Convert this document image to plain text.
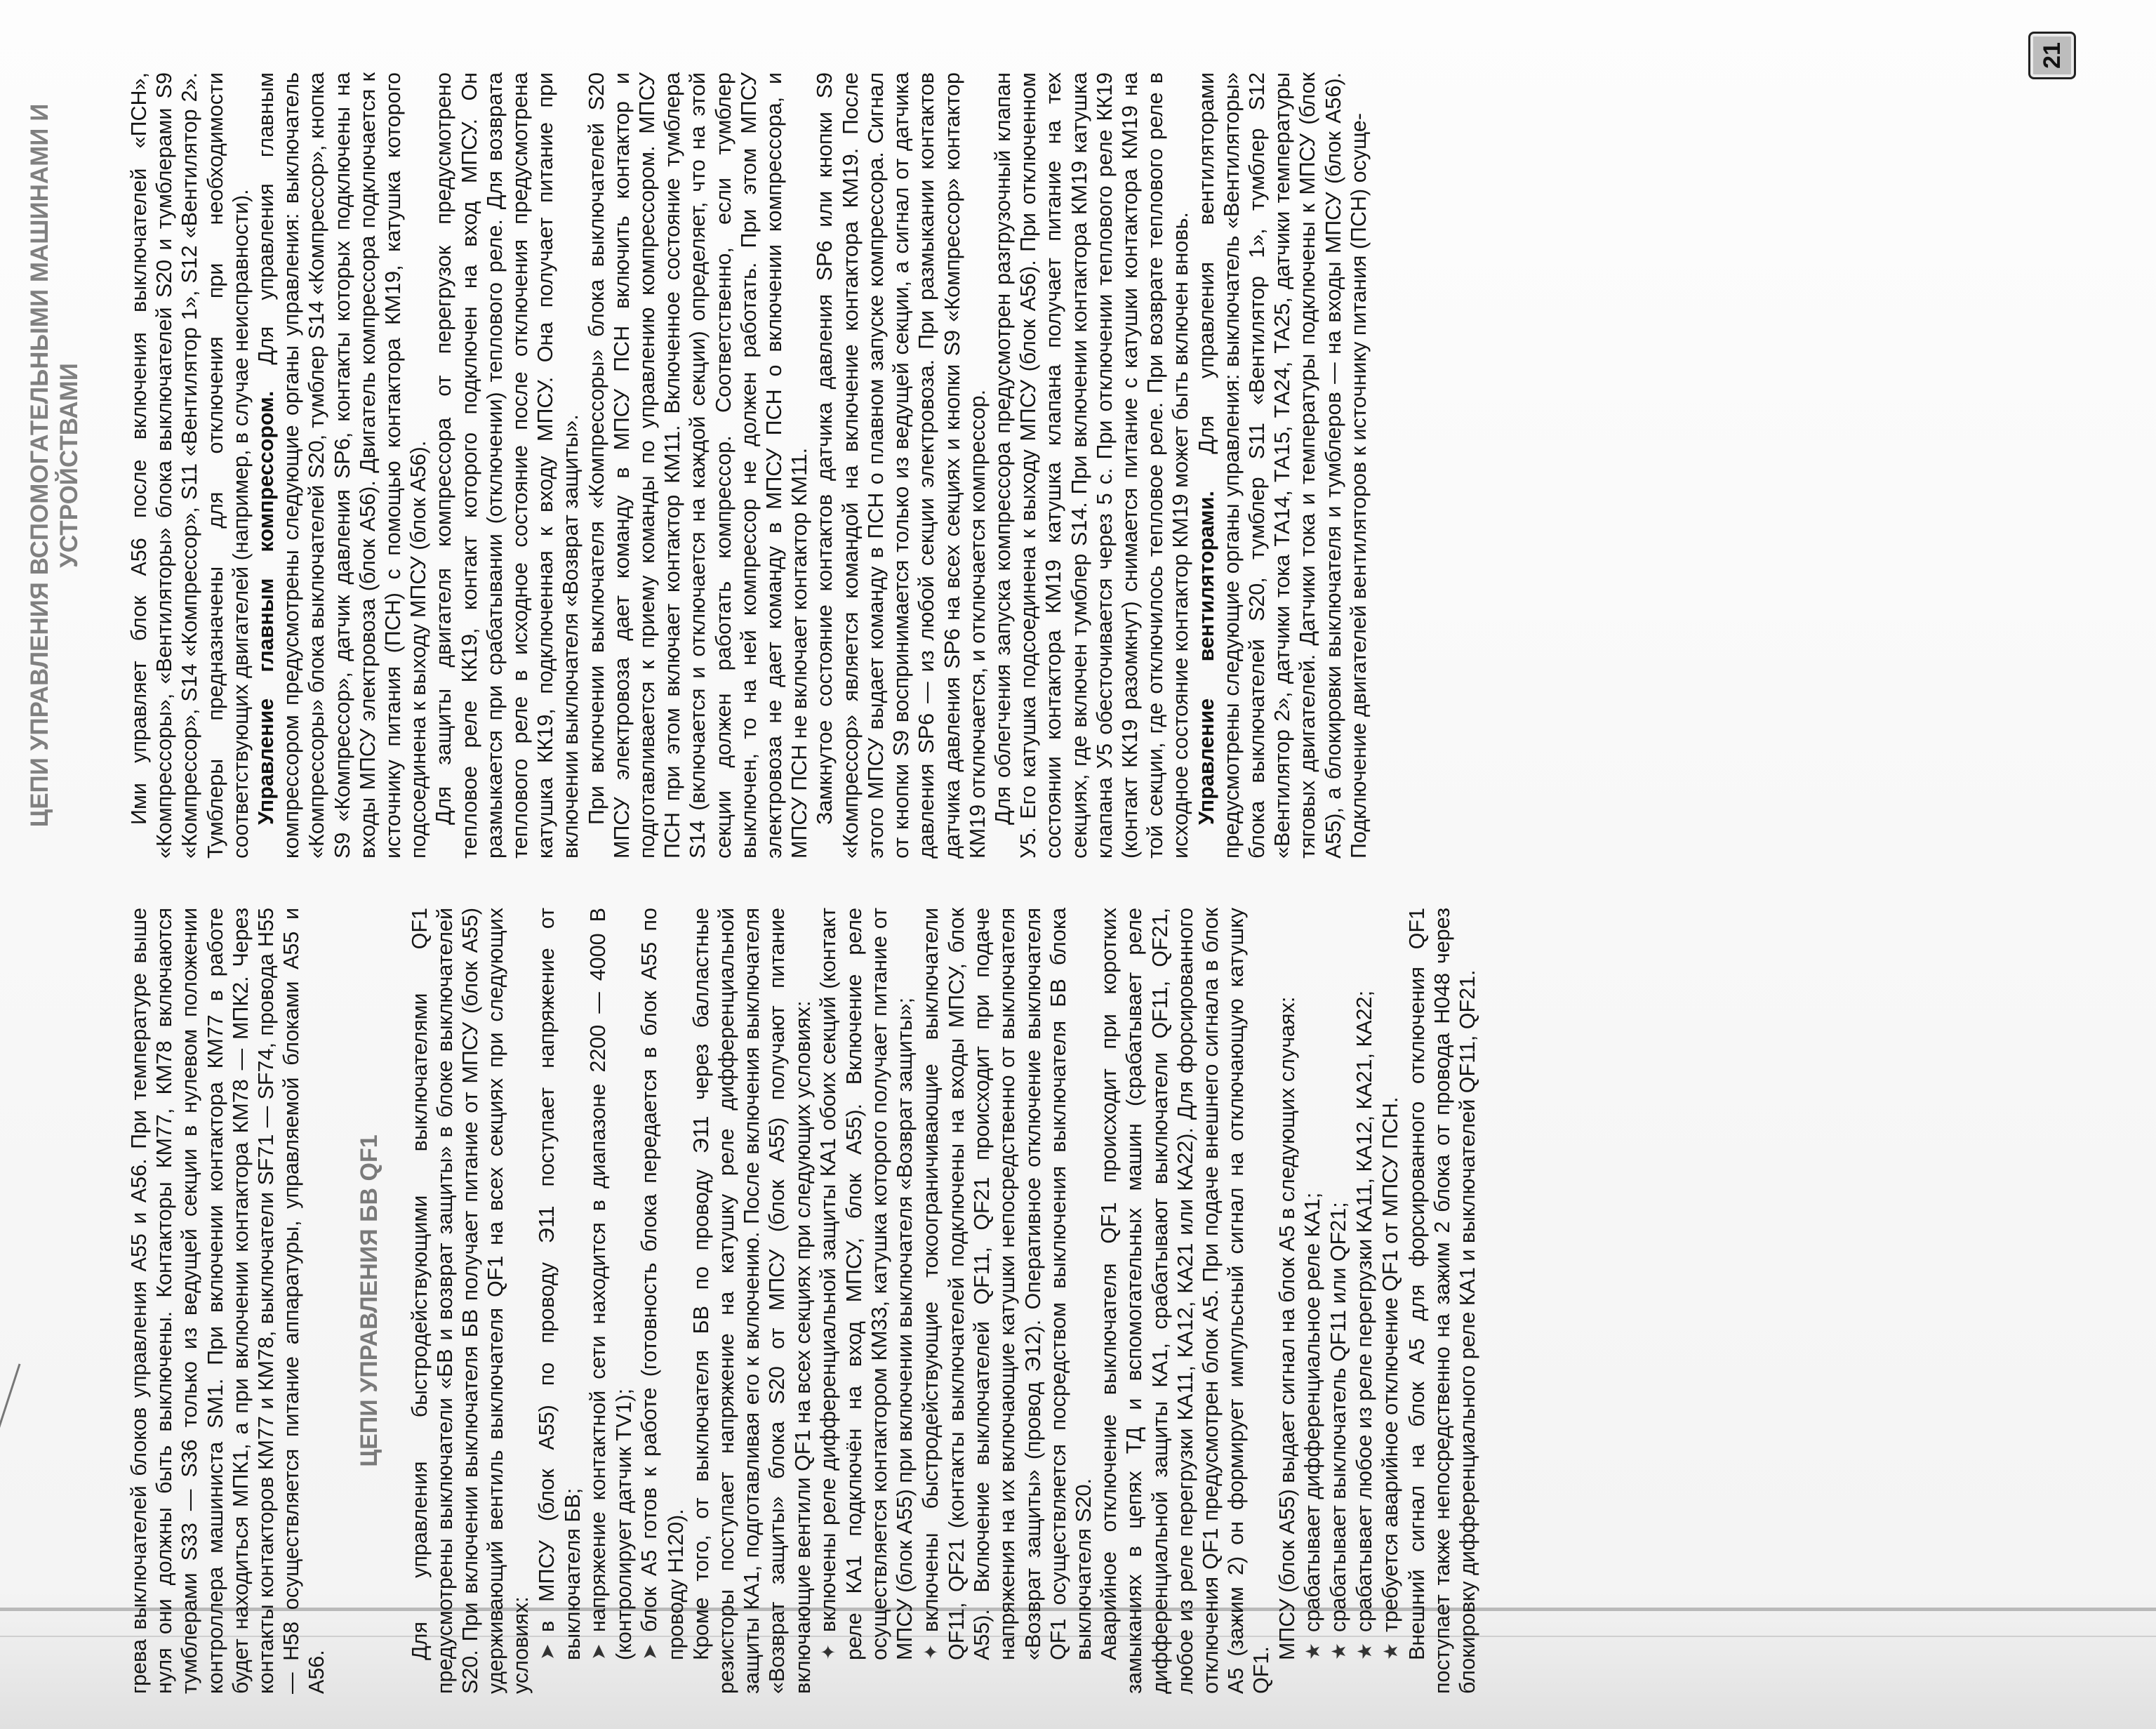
ЦЕПИ УПРАВЛЕНИЯ ВСПОМОГАТЕЛЬНЫМИ МАШИНАМИ И УСТРОЙСТВАМИ

грева выключателей блоков управления А55 и А56. При температуре выше нуля они должны быть выключены. Контакторы КМ77, КМ78 включаются тумблерами S33 — S36 только из ведущей секции в нулевом положении контроллера машиниста SM1. При включении контактора КМ77 в работе будет находиться МПК1, а при включении контактора КМ78 — МПК2. Через контакты контакторов КМ77 и КМ78, выключатели SF71 — SF74, провода Н55 — Н58 осуществляется питание аппаратуры, управляемой блоками А55 и А56.

ЦЕПИ УПРАВЛЕНИЯ БВ QF1 Для управления быстродействующими выключателями QF1 предусмотрены выключатели «БВ и возврат защиты» в блоке выключателей S20. При включении выключателя БВ получает питание от МПСУ (блок А55) удерживающий вентиль выключателя QF1 на всех секциях при следующих условиях: ➤в МПСУ (блок А55) по проводу Э11 поступает напряжение от выключателя БВ; ➤напряжение контактной сети находится в диапазоне 2200 — 4000 В (контролирует датчик TV1); ➤блок А5 готов к работе (готовность блока передается в блок А55 по проводу Н120). Кроме того, от выключателя БВ по проводу Э11 через балластные резисторы поступает напряжение на катушку реле дифференциальной защиты КА1, подготавливая его к включению. После включения выключателя «Возврат защиты» блока S20 от МПСУ (блок А55) получают питание включающие вентили QF1 на всех секциях при следующих условиях: ✦включены реле дифференциальной защиты КА1 обоих секций (контакт реле КА1 подключён на вход МПСУ, блок А55). Включение реле осуществляется контактором КМ33, катушка которого получает питание от МПСУ (блок А55) при включении выключателя «Возврат защиты»; ✦включены быстродействующие токоограничивающие выключатели QF11, QF21 (контакты выключателей подключены на входы МПСУ, блок А55). Включение выключателей QF11, QF21 происходит при подаче напряжения на их включающие катушки непосредственно от выключателя «Возврат защиты» (провод Э12). Оперативное отключение выключателя QF1 осуществляется посредством выключения выключателя БВ блока выключателя S20. Аварийное отключение выключателя QF1 происходит при коротких замыканиях в цепях ТД и вспомогательных машин (срабатывает реле дифференциальной защиты КА1, срабатывают выключатели QF11, QF21, любое из реле перегрузки КА11, КА12, КА21 или КА22). Для форсированного отключения QF1 предусмотрен блок А5. При подаче внешнего сигнала в блок А5 (зажим 2) он формирует импульсный сигнал на отключающую катушку QF1.

МПСУ (блок А55) выдает сигнал на блок А5 в следующих случаях: ★срабатывает дифференциальное реле КА1;

★срабатывает выключатель QF11 или QF21;

★срабатывает любое из реле перегрузки КА11, КА12, КА21, КА22;

★требуется аварийное отключение QF1 от МПСУ ПСН. Внешний сигнал на блок А5 для форсированного отключения QF1 поступает также непосредственно на зажим 2 блока от провода Н048 через блокировку дифференциального реле КА1 и выключателей QF11, QF21.

Ими управляет блок А56 после включения выключателей «ПСН», «Компрессоры», «Вентиляторы» блока выключателей S20 и тумблерами S9 «Компрессор», S14 «Компрессор», S11 «Вентилятор 1», S12 «Вентилятор 2». Тумблеры предназначены для отключения при необходимости соответствующих двигателей (например, в случае неисправности). Управление главным компрессором. Для управления главным компрессором предусмотрены следующие органы управления: выключатель «Компрессоры» блока выключателей S20, тумблер S14 «Компрессор», кнопка S9 «Компрессор», датчик давления SP6, контакты которых подключены на входы МПСУ электровоза (блок А56). Двигатель компрессора подключается к источнику питания (ПСН) с помощью контактора КМ19, катушка которого подсоединена к выходу МПСУ (блок А56). Для защиты двигателя компрессора от перегрузок предусмотрено тепловое реле КК19, контакт которого подключен на вход МПСУ. Он размыкается при срабатывании (отключении) теплового реле. Для возврата теплового реле в исходное состояние после отключения предусмотрена катушка КК19, подключенная к входу МПСУ. Она получает питание при включении выключателя «Возврат защиты». При включении выключателя «Компрессоры» блока выключателей S20 МПСУ электровоза дает команду в МПСУ ПСН включить контактор и подготавливается к приему команды по управлению компрессором. МПСУ ПСН при этом включает контактор КМ11. Включенное состояние тумблера S14 (включается и отключается на каждой секции) определяет, что на этой секции должен работать компрессор. Соответственно, если тумблер выключен, то на ней компрессор не должен работать. При этом МПСУ электровоза не дает команду в МПСУ ПСН о включении компрессора, и МПСУ ПСН не включает контактор КМ11. Замкнутое состояние контактов датчика давления SP6 или кнопки S9 «Компрессор» является командой на включение контактора КМ19. После этого МПСУ выдает команду в ПСН о плавном запуске компрессора. Сигнал от кнопки S9 воспринимается только из ведущей секции, а сигнал от датчика давления SP6 — из любой секции электровоза. При размыкании контактов датчика давления SP6 на всех секциях и кнопки S9 «Компрессор» контактор КМ19 отключается, и отключается компрессор. Для облегчения запуска компрессора предусмотрен разгрузочный клапан У5. Его катушка подсоединена к выходу МПСУ (блок А56). При отключенном состоянии контактора КМ19 катушка клапана получает питание на тех секциях, где включен тумблер S14. При включении контактора КМ19 катушка клапана У5 обесточивается через 5 с. При отключении теплового реле КК19 (контакт КК19 разомкнут) снимается питание с катушки контактора КМ19 на той секции, где отключилось тепловое реле. При возврате теплового реле в исходное состояние контактор КМ19 может быть включен вновь. Управление вентиляторами. Для управления вентиляторами предусмотрены следующие органы управления: выключатель «Вентиляторы» блока выключателей S20, тумблер S11 «Вентилятор 1», тумблер S12 «Вентилятор 2», датчики тока ТА14, ТА15, ТА24, ТА25, датчики температуры тяговых двигателей. Датчики тока и температуры подключены к МПСУ (блок А55), а блокировки выключателя и тумблеров — на входы МПСУ (блок А56). Подключение двигателей вентиляторов к источнику питания (ПСН) осуще-

21
